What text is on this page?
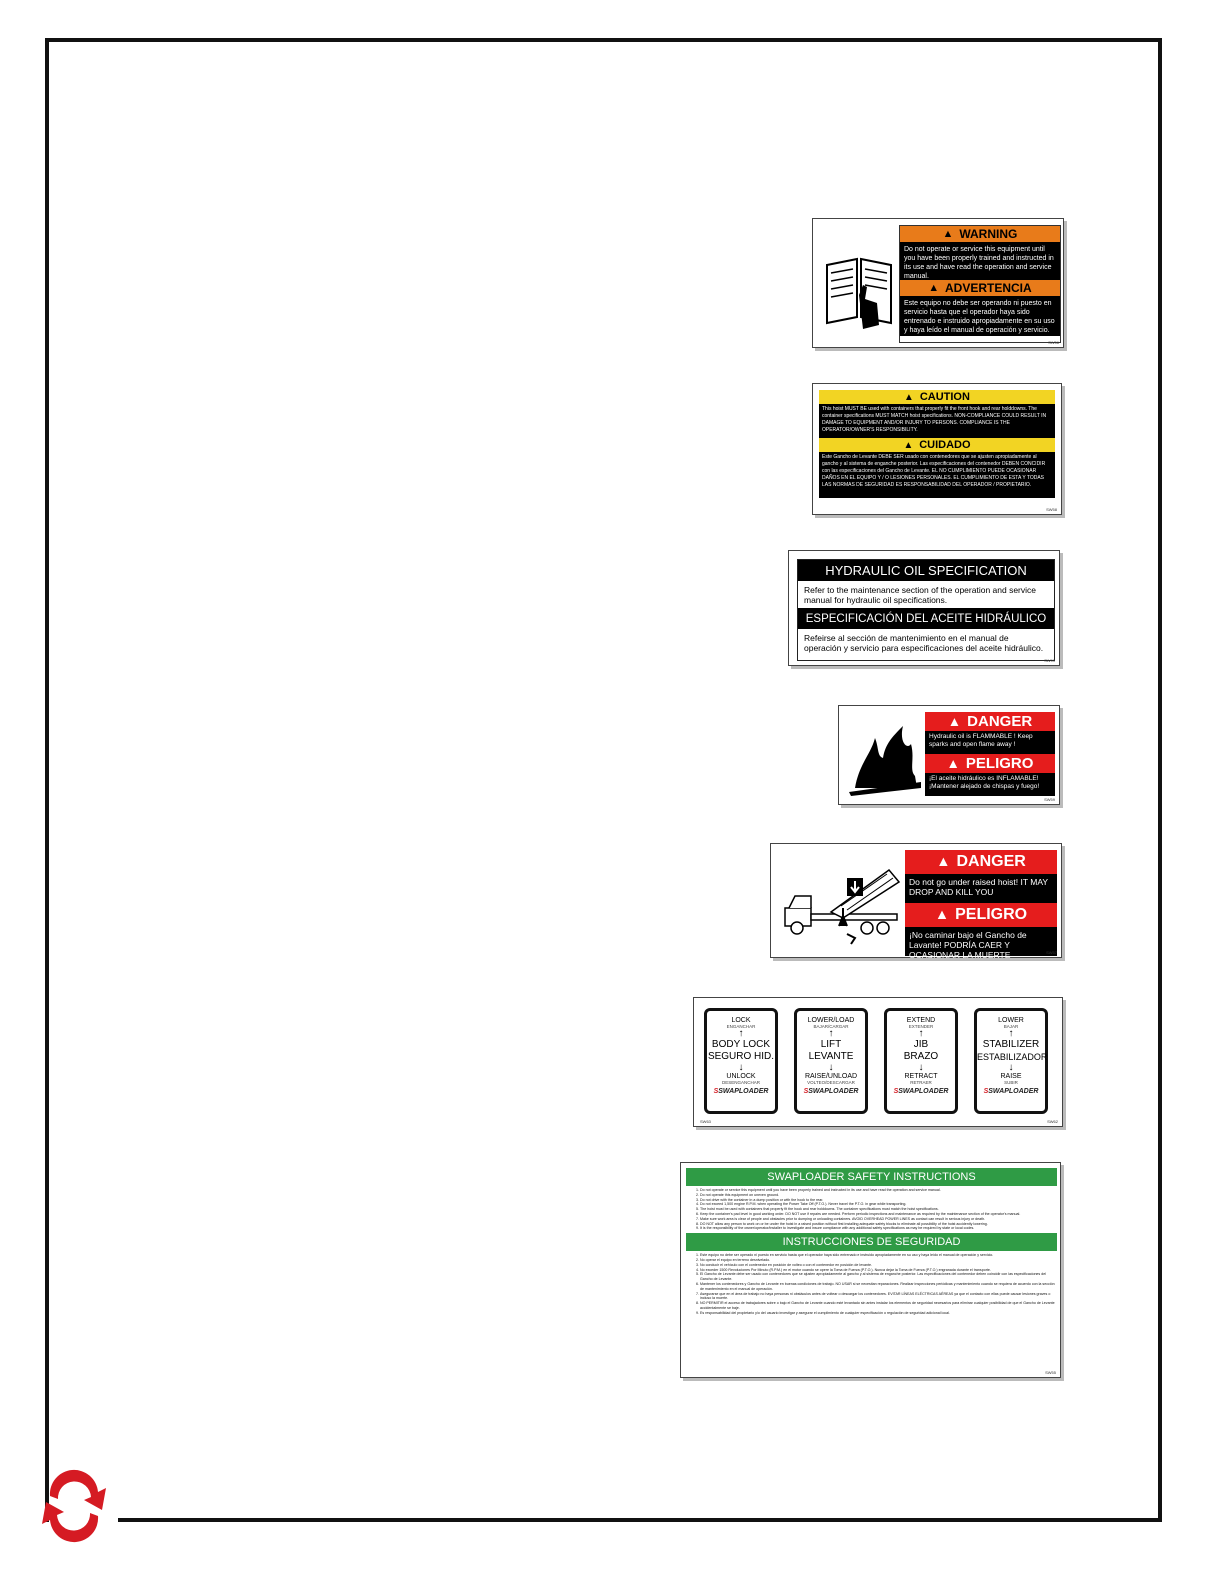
▲ WARNING
Do not operate or service this equipment until you have been properly trained and instructed in its use and have read the operation and service manual.
▲ ADVERTENCIA
Este equipo no debe ser operando ni puesto en servicio hasta que el operador haya sido entrenado e instruido apropiadamente en su uso y haya leído el manual de operación y servicio.
SW56
▲ CAUTION
This hoist MUST BE used with containers that properly fit the front hook and rear holddowns. The container specifications MUST MATCH hoist specifications. NON-COMPLIANCE COULD RESULT IN DAMAGE TO EQUIPMENT AND/OR INJURY TO PERSONS. COMPLIANCE IS THE OPERATOR/OWNER'S RESPONSIBILITY.
▲ CUIDADO
Este Gancho de Levante DEBE SER usado con contenedores que se ajusten apropiadamente al gancho y al sistema de enganche posterior. Las especificaciones del contenedor DEBEN CONCIDIR con las especificaciones del Gancho de Levante. EL NO CUMPLIMIENTO PUEDE OCASIONAR DAÑOS EN EL EQUIPO Y / O LESIONES PERSONALES. EL CUMPLIMIENTO DE ESTA Y TODAS LAS NORMAS DE SEGURIDAD ES RESPONSABILIDAD DEL OPERADOR / PROPIETARIO.
SW58
HYDRAULIC OIL SPECIFICATION
Refer to the maintenance section of the operation and service manual for hydraulic oil specifications.
ESPECIFICACIÓN DEL ACEITE HIDRÁULICO
Refeirse al sección de mantenimiento en el manual de operación y servicio para especificaciones del aceite hidráulico.
SW99
▲ DANGER
Hydraulic oil is FLAMMABLE ! Keep sparks and open flame away !
▲ PELIGRO
¡El aceite hidráulico es INFLAMABLE! ¡Mantener alejado de chispas y fuego!
SW59
▲ DANGER
Do not go under raised hoist! IT MAY DROP AND KILL YOU
▲ PELIGRO
¡No caminar bajo el Gancho de Lavante! PODRÍA CAER Y OCASIONAR LA MUERTE	SW57
LOCK
ENGANCHAR
↑
BODY LOCK
SEGURO HID.
↓
UNLOCK
DESENGANCHAR
SSWAPLOADER
LOWER/LOAD
BAJAR/CARGAR
↑
LIFT
LEVANTE
↓
RAISE/UNLOAD
VOLTEO/DESCARGAR
SSWAPLOADER
EXTEND
EXTENDER
↑
JIB
BRAZO
↓
RETRACT
RETRAER
SSWAPLOADER
LOWER
BAJAR
↑
STABILIZER
ESTABILIZADOR
↓
RAISE
SUBIR
SSWAPLOADER
SW63	SW62
SWAPLOADER SAFETY INSTRUCTIONS
1. Do not operate or service this equipment until you have been properly trained and instructed in its use and have read the operation and service manual.
2. Do not operate this equipment on uneven ground.
3. Do not drive with the container in a dump position or with the hook to the rear.
4. Do not exceed 1,500 engine R.P.M. when operating the Power Take Off (P.T.O.). Never travel the P.T.O. in gear while transporting.
5. The hoist must be used with containers that properly fit the hook and rear holddowns. The container specifications must match the hoist specifications.
6. Keep the container's pad level in good working order. DO NOT use if repairs are needed. Perform periodic inspections and maintenance as required by the maintenance section of the operator's manual.
7. Make sure work area is clear of people and obstacles prior to dumping or unloading containers. AVOID OVERHEAD POWER LINES as contact can result in serious injury or death.
8. DO NOT allow any person to work on or be under the hoist in a raised position without first installing adequate safety blocks to eliminate all possibility of the hoist accidently lowering.
9. It is the responsibility of the owner/operator/installer to investigate and insure compliance with any additional safety specifications as may be required by state or local codes.
INSTRUCCIONES DE SEGURIDAD
1. Este equipo no debe ser operado ni puesto en servicio hasta que el operador haya sido entrenado e instruido apropiadamente en su uso y haya leído el manual de operación y servicio.
2. No operar el equipo en terreno desnivelado.
3. No conducir el vehículo con el contenedor en posición de volteo o con el contenedor en posición de levante.
4. No exceder 1500 Revoluciones Por Minuto (R.P.M.) en el motor cuando se opere la Toma de Fuerza (P.T.O.). Nunca dejar la Toma de Fuerza (P.T.O.) engranada durante el transporte.
5. El Gancho de Levante debe ser usado con contenedores que se ajusten apropiadamente al gancho y al sistema de enganche posterior. Las especificaciones del contenedor deben coincidir con las especificaciones del Gancho de Levante.
6. Mantener los contenedores y Gancho de Levante en buenas condiciones de trabajo. NO USAR si se necesitan reparaciones. Realizar inspecciones periódicas y mantenimiento cuando se requiera de acuerdo con la sección de mantenimiento en el manual de operación.
7. Asegurarse que en el área de trabajo no haya personas ni obstáculos antes de voltear o descargar los contenedores. EVITAR LÍNEAS ELÉCTRICAS AÉREAS ya que el contacto con ellas puede causar lesiones graves o incluso la muerte.
8. NO PERMITIR el acceso de trabajadores sobre o bajo el Gancho de Levante cuando esté levantado sin antes instalar los elementos de seguridad necesarios para eliminar cualquier posibilidad de que el Gancho de Levante accidentalmente se baje.
9. Es responsabilidad del propietario y/o del usuario investigar y asegurar el cumplimiento de cualquier especificación o regulación de seguridad adicional local.
SW55
